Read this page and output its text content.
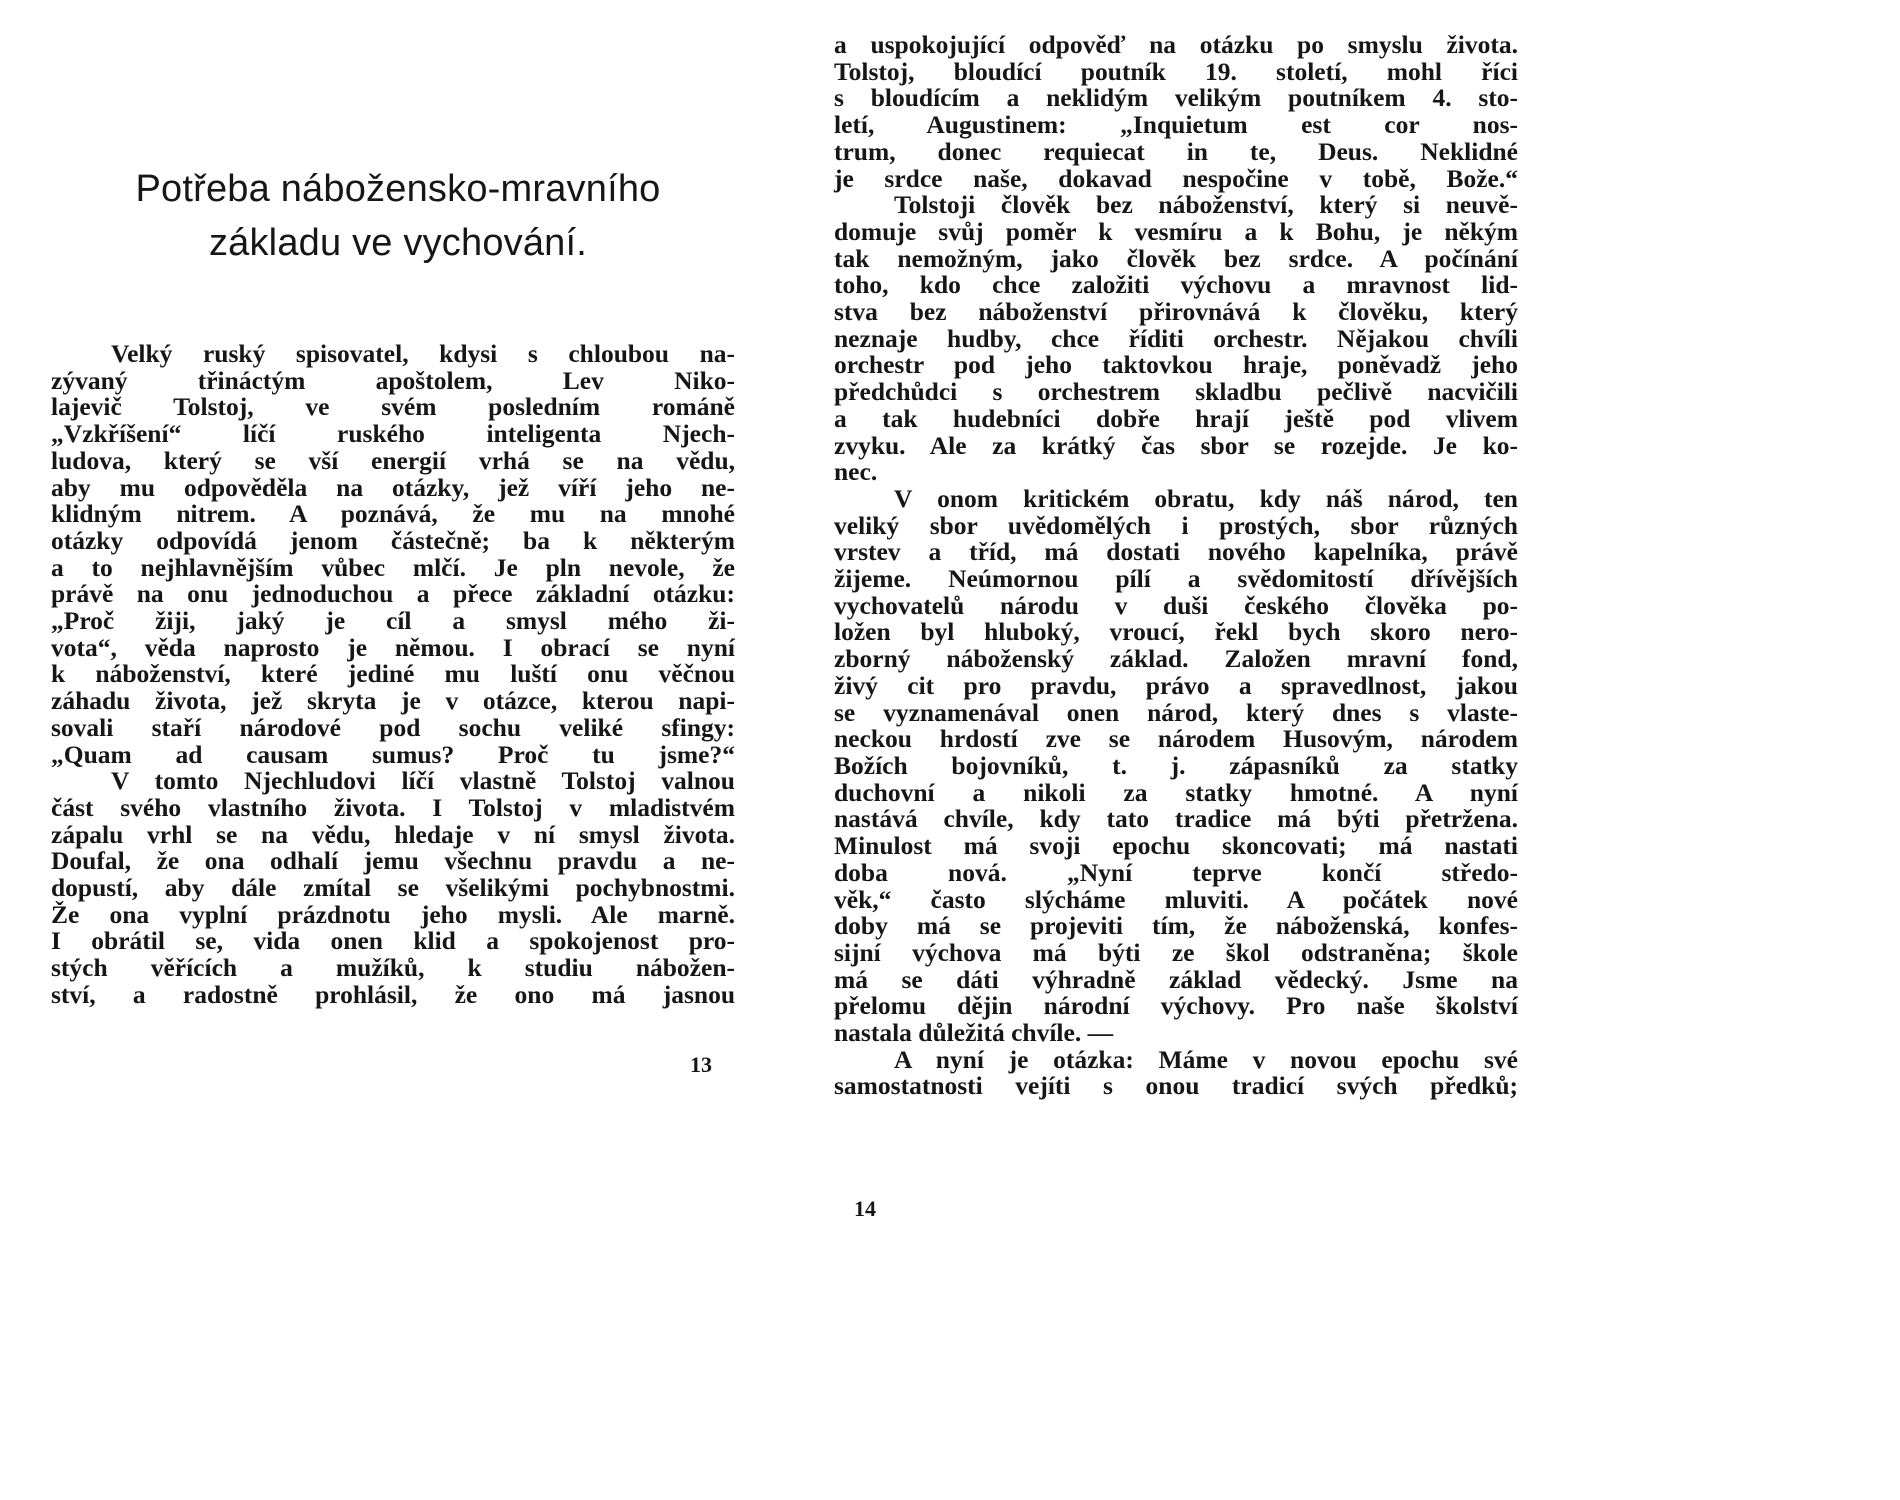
Potřeba nábožensko-mravního
základu ve vychování.
Velký ruský spisovatel, kdysi s chloubou na-
zývaný třináctým apoštolem, Lev Niko-
lajevič Tolstoj, ve svém posledním románě
„Vzkříšení“ líčí ruského inteligenta Njech-
ludova, který se vší energií vrhá se na vědu,
aby mu odpověděla na otázky, jež víří jeho ne-
klidným nitrem. A poznává, že mu na mnohé
otázky odpovídá jenom částečně; ba k některým
a to nejhlavnějším vůbec mlčí. Je pln nevole, že
právě na onu jednoduchou a přece základní otázku:
„Proč žiji, jaký je cíl a smysl mého ži-
vota“, věda naprosto je němou. I obrací se nyní
k náboženství, které jediné mu luští onu věčnou
záhadu života, jež skryta je v otázce, kterou napi-
sovali staří národové pod sochu veliké sfingy:
„Quam ad causam sumus? Proč tu jsme?“
V tomto Njechludovi líčí vlastně Tolstoj valnou
část svého vlastního života. I Tolstoj v mladistvém
zápalu vrhl se na vědu, hledaje v ní smysl života.
Doufal, že ona odhalí jemu všechnu pravdu a ne-
dopustí, aby dále zmítal se všelikými pochybnostmi.
Že ona vyplní prázdnotu jeho mysli. Ale marně.
I obrátil se, vida onen klid a spokojenost pro-
stých věřících a mužíků, k studiu nábožen-
ství, a radostně prohlásil, že ono má jasnou
13
a uspokojující odpověď na otázku po smyslu života.
Tolstoj, bloudící poutník 19. století, mohl říci
s bloudícím a neklidým velikým poutníkem 4. sto-
letí, Augustinem: „Inquietum est cor nos-
trum, donec requiecat in te, Deus. Neklidné
je srdce naše, dokavad nespočine v tobě, Bože.“
Tolstoji člověk bez náboženství, který si neuvě-
domuje svůj poměr k vesmíru a k Bohu, je někým
tak nemožným, jako člověk bez srdce. A počínání
toho, kdo chce založiti výchovu a mravnost lid-
stva bez náboženství přirovnává k člověku, který
neznaje hudby, chce říditi orchestr. Nějakou chvíli
orchestr pod jeho taktovkou hraje, poněvadž jeho
předchůdci s orchestrem skladbu pečlivě nacvičili
a tak hudebníci dobře hrají ještě pod vlivem
zvyku. Ale za krátký čas sbor se rozejde. Je ko-
nec.
V onom kritickém obratu, kdy náš národ, ten
veliký sbor uvědomělých i prostých, sbor různých
vrstev a tříd, má dostati nového kapelníka, právě
žijeme. Neúmornou pílí a svědomitostí dřívějších
vychovatelů národu v duši českého člověka po-
ložen byl hluboký, vroucí, řekl bych skoro nero-
zborný náboženský základ. Založen mravní fond,
živý cit pro pravdu, právo a spravedlnost, jakou
se vyznamenával onen národ, který dnes s vlaste-
neckou hrdostí zve se národem Husovým, národem
Božích bojovníků, t. j. zápasníků za statky
duchovní a nikoli za statky hmotné. A nyní
nastává chvíle, kdy tato tradice má býti přetržena.
Minulost má svoji epochu skoncovati; má nastati
doba nová. „Nyní teprve končí středo-
věk,“ často slýcháme mluviti. A počátek nové
doby má se projeviti tím, že náboženská, konfes-
sijní výchova má býti ze škol odstraněna; škole
má se dáti výhradně základ vědecký. Jsme na
přelomu dějin národní výchovy. Pro naše školství
nastala důležitá chvíle. —
A nyní je otázka: Máme v novou epochu své
samostatnosti vejíti s onou tradicí svých předků;
14
